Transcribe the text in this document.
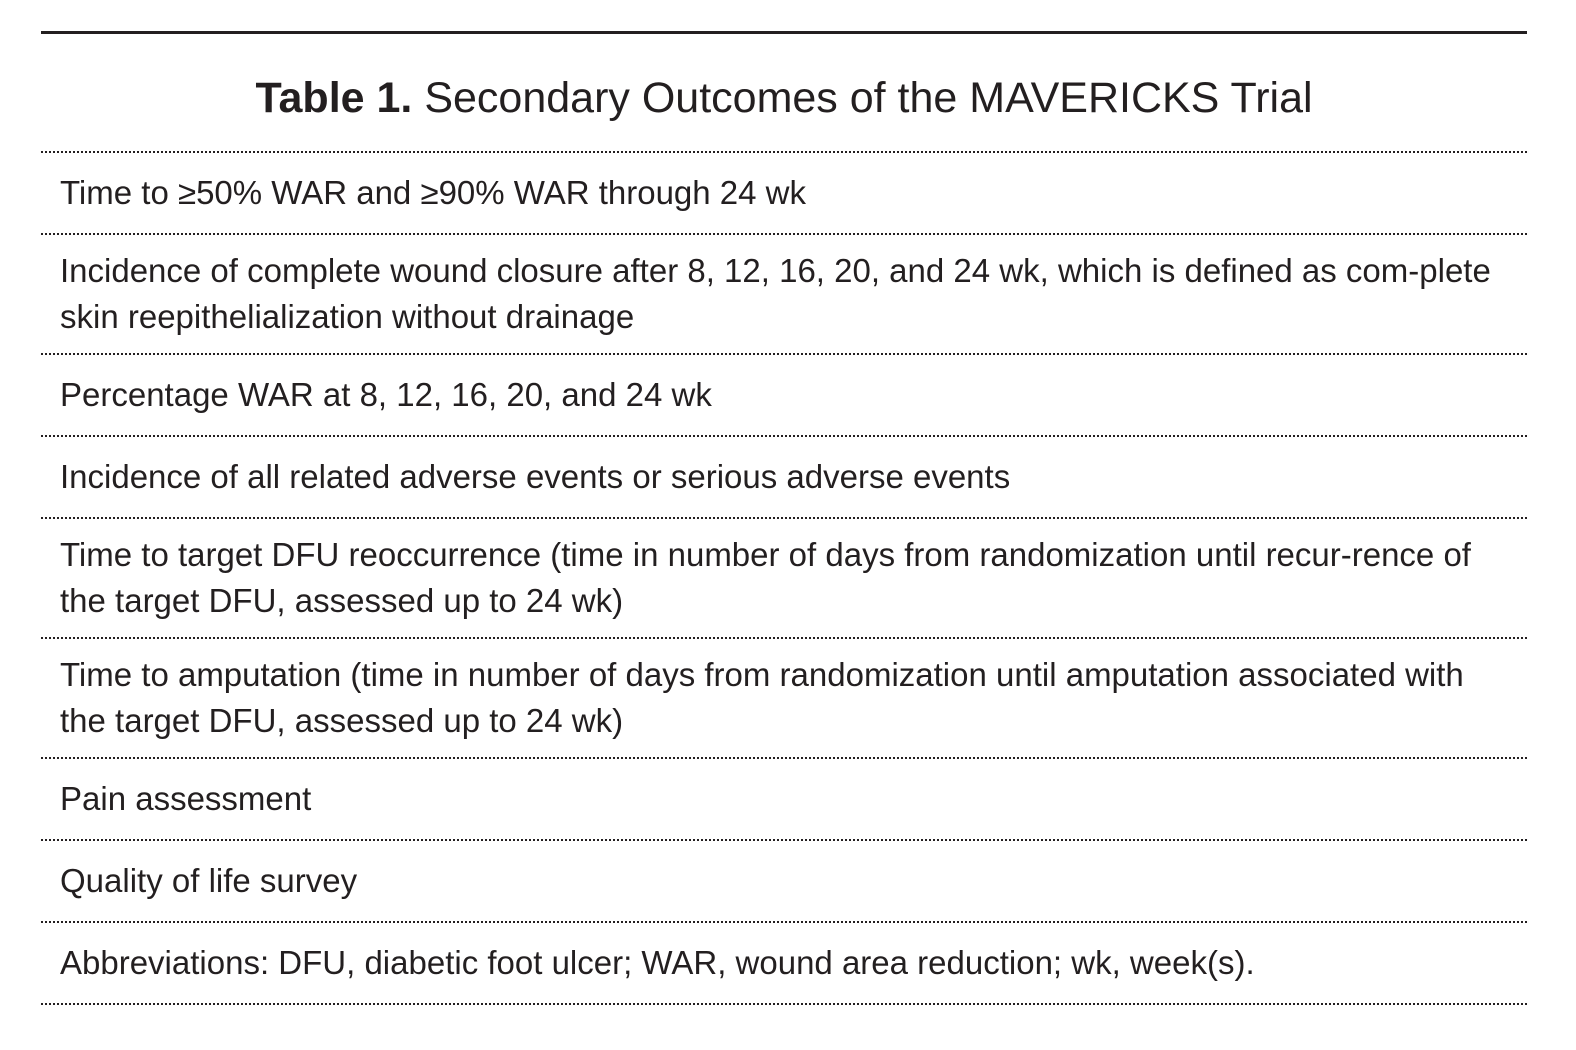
Table 1. Secondary Outcomes of the MAVERICKS Trial
Time to ≥50% WAR and ≥90% WAR through 24 wk
Incidence of complete wound closure after 8, 12, 16, 20, and 24 wk, which is defined as com-plete skin reepithelialization without drainage
Percentage WAR at 8, 12, 16, 20, and 24 wk
Incidence of all related adverse events or serious adverse events
Time to target DFU reoccurrence (time in number of days from randomization until recur-rence of the target DFU, assessed up to 24 wk)
Time to amputation (time in number of days from randomization until amputation associated with the target DFU, assessed up to 24 wk)
Pain assessment
Quality of life survey
Abbreviations: DFU, diabetic foot ulcer; WAR, wound area reduction; wk, week(s).
